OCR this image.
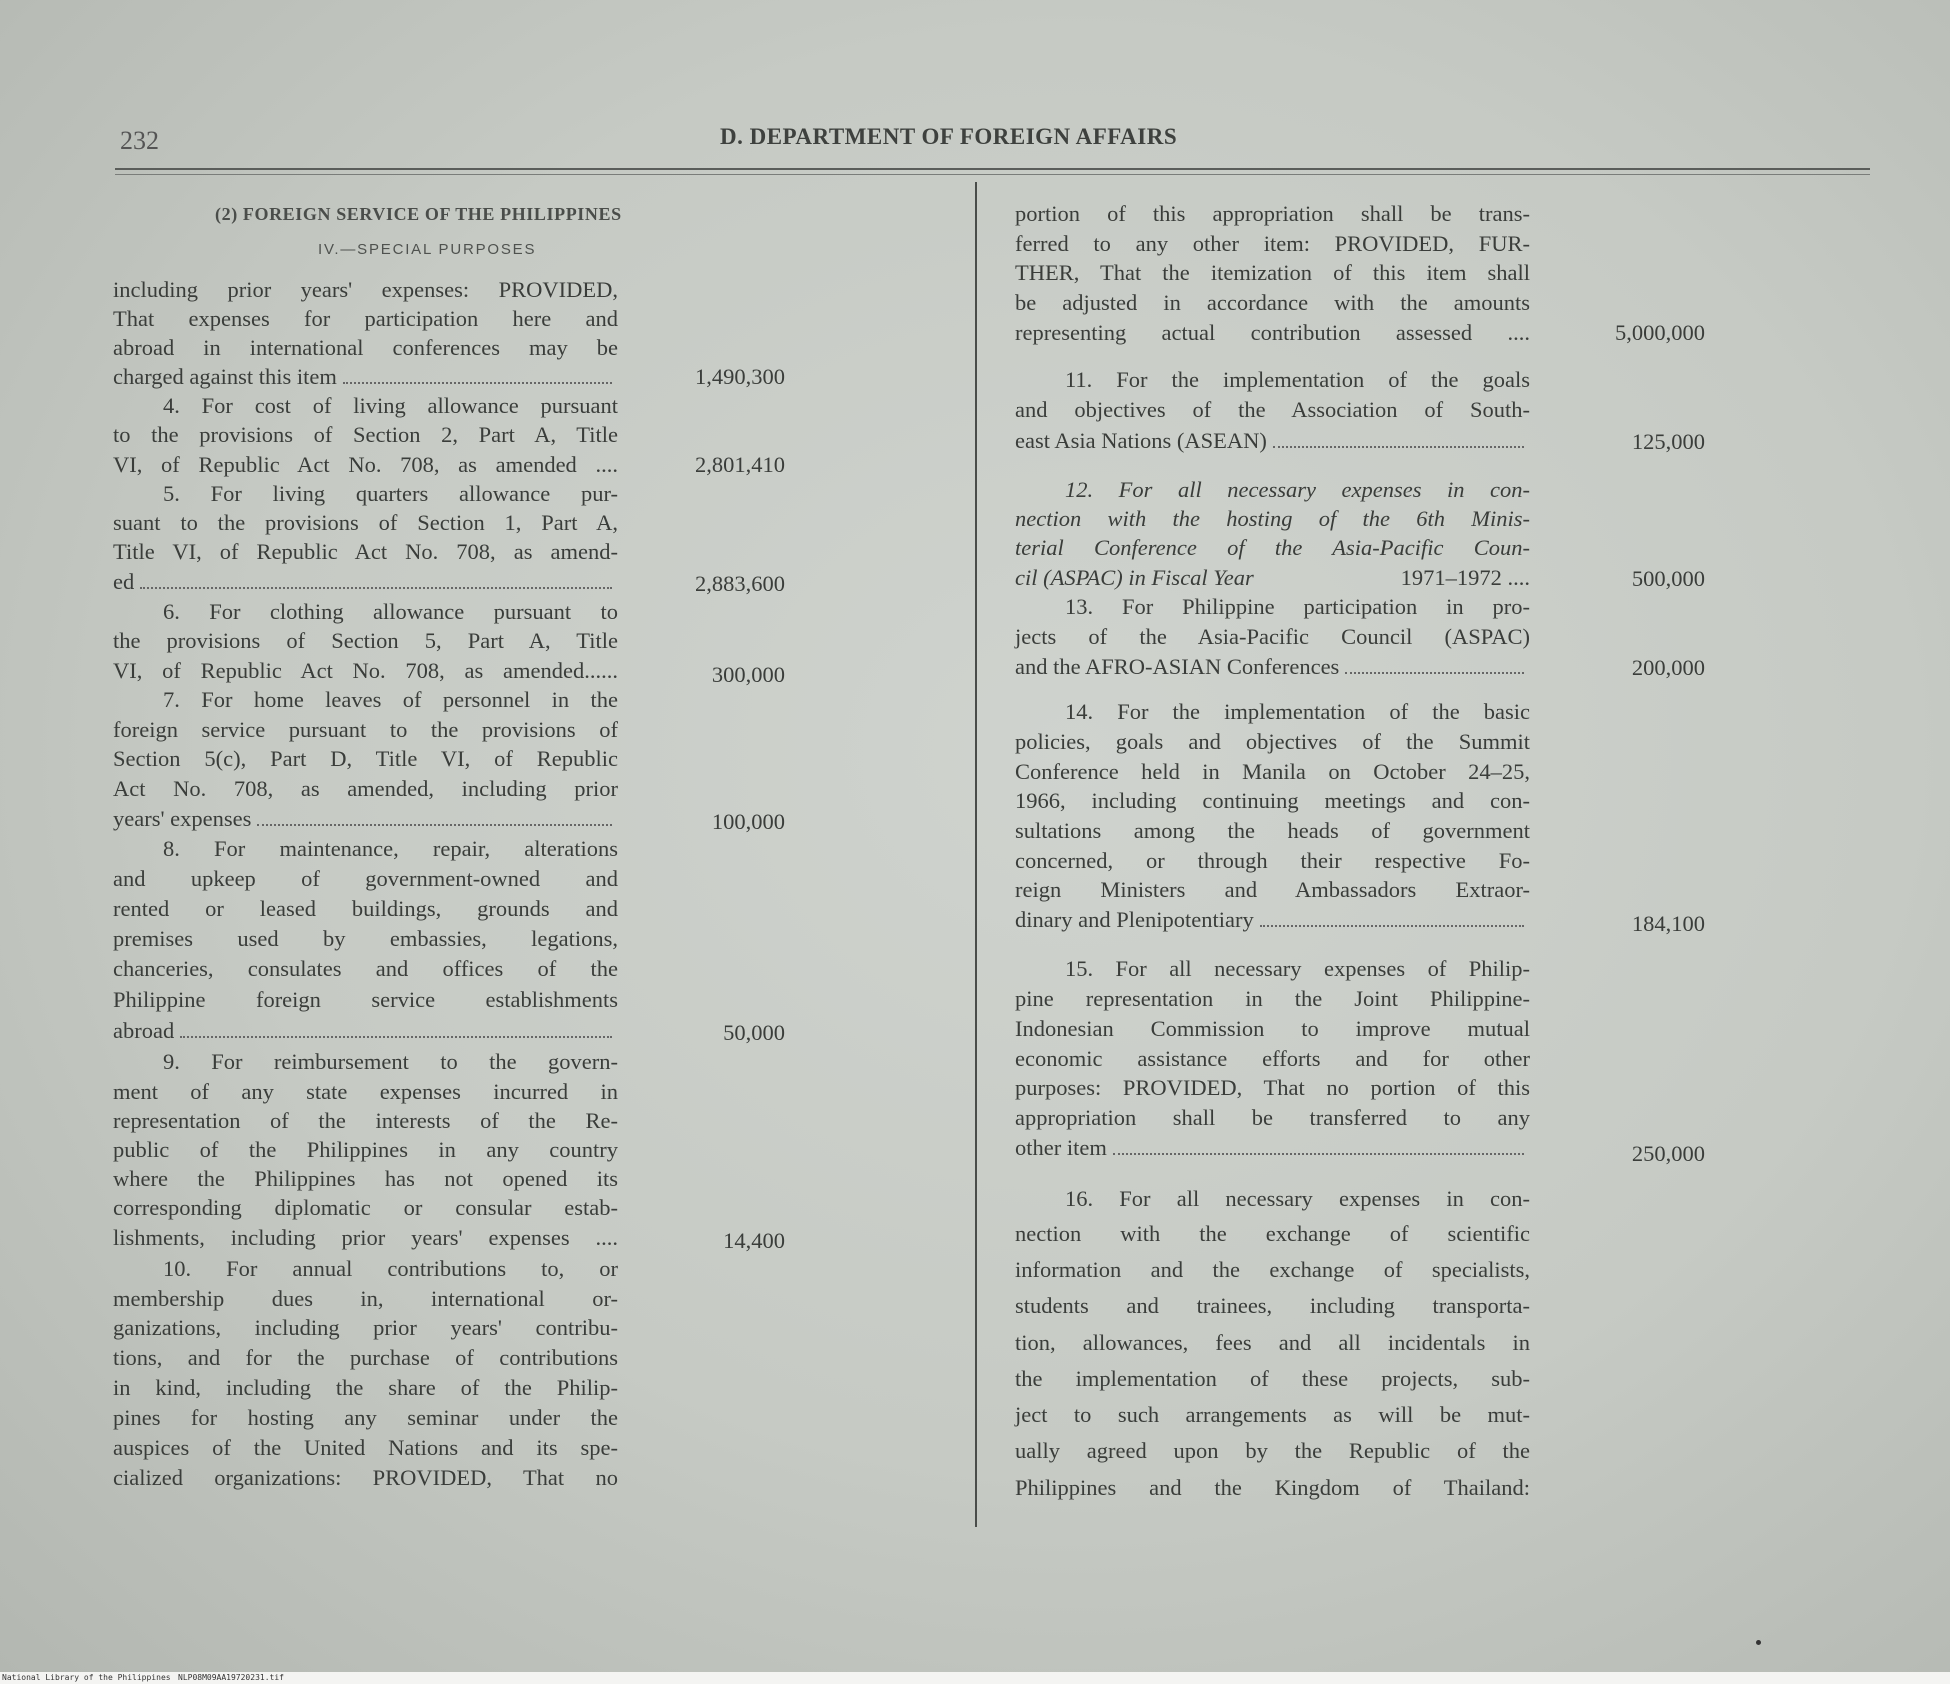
232	D. DEPARTMENT OF FOREIGN AFFAIRS
(2) FOREIGN SERVICE OF THE PHILIPPINES
IV.—SPECIAL PURPOSES
including prior years' expenses: PROVIDED,
That expenses for participation here and
abroad in international conferences may be
charged against this item
4. For cost of living allowance pursuant
to the provisions of Section 2, Part A, Title
VI, of Republic Act No. 708, as amended ....
5. For living quarters allowance pur-
suant to the provisions of Section 1, Part A,
Title VI, of Republic Act No. 708, as amend-
ed
6. For clothing allowance pursuant to
the provisions of Section 5, Part A, Title
VI, of Republic Act No. 708, as amended......
7. For home leaves of personnel in the
foreign service pursuant to the provisions of
Section 5(c), Part D, Title VI, of Republic
Act No. 708, as amended, including prior
years' expenses
8. For maintenance, repair, alterations
and upkeep of government-owned and
rented or leased buildings, grounds and
premises used by embassies, legations,
chanceries, consulates and offices of the
Philippine foreign service establishments
abroad
9. For reimbursement to the govern-
ment of any state expenses incurred in
representation of the interests of the Re-
public of the Philippines in any country
where the Philippines has not opened its
corresponding diplomatic or consular estab-
lishments, including prior years' expenses ....
10. For annual contributions to, or
membership dues in, international or-
ganizations, including prior years' contribu-
tions, and for the purchase of contributions
in kind, including the share of the Philip-
pines for hosting any seminar under the
auspices of the United Nations and its spe-
cialized organizations: PROVIDED, That no
1,490,300
2,801,410
2,883,600
300,000
100,000
50,000
14,400
portion of this appropriation shall be trans-
ferred to any other item: PROVIDED, FUR-
THER, That the itemization of this item shall
be adjusted in accordance with the amounts
representing actual contribution assessed ....
11. For the implementation of the goals
and objectives of the Association of South-
east Asia Nations (ASEAN)
12. For all necessary expenses in con-
nection with the hosting of the 6th Minis-
terial Conference of the Asia-Pacific Coun-
cil (ASPAC) in Fiscal Year	1971–1972 ....
13. For Philippine participation in pro-
jects of the Asia-Pacific Council (ASPAC)
and the AFRO-ASIAN Conferences
14. For the implementation of the basic
policies, goals and objectives of the Summit
Conference held in Manila on October 24–25,
1966, including continuing meetings and con-
sultations among the heads of government
concerned, or through their respective Fo-
reign Ministers and Ambassadors Extraor-
dinary and Plenipotentiary
15. For all necessary expenses of Philip-
pine representation in the Joint Philippine-
Indonesian Commission to improve mutual
economic assistance efforts and for other
purposes: PROVIDED, That no portion of this
appropriation shall be transferred to any
other item
16. For all necessary expenses in con-
nection with the exchange of scientific
information and the exchange of specialists,
students and trainees, including transporta-
tion, allowances, fees and all incidentals in
the implementation of these projects, sub-
ject to such arrangements as will be mut-
ually agreed upon by the Republic of the
Philippines and the Kingdom of Thailand:
5,000,000
125,000
500,000
200,000
184,100
250,000
National Library of the Philippines NLP08M09AA19720231.tif
